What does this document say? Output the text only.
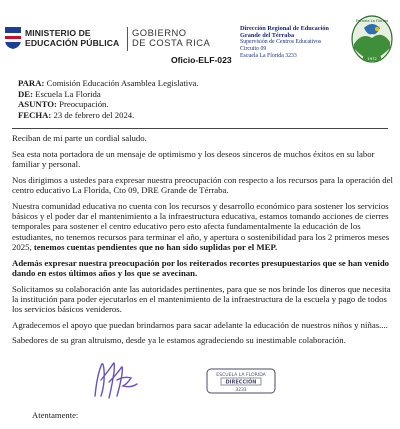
MINISTERIO DE
EDUCACIÓN PÚBLICA
GOBIERNO
DE COSTA RICA
Oficio-ELF-023
Dirección Regional de Educación
Grande del Térraba
Supervisión de Centros Educativos
Circuito 09
Escuela La Florida 3233
Escuela La Florida
1972
PARA: Comisión Educación Asamblea Legislativa.
DE: Escuela La Florida
ASUNTO: Preocupación.
FECHA: 23 de febrero del 2024.

Reciban de mi parte un cordial saludo.

Sea esta nota portadora de un mensaje de optimismo y los deseos sinceros de muchos éxitos en su labor familiar y personal.

Nos dirigimos a ustedes para expresar nuestra preocupación con respecto a los recursos para la operación del centro educativo La Florida, Cto 09, DRE Grande de Térraba.

Nuestra comunidad educativa no cuenta con los recursos y desarrollo económico para sostener los servicios básicos y el poder dar el mantenimiento a la infraestructura educativa, estamos tomando acciones de cierres temporales para sostener el centro educativo pero esto afecta fundamentalmente la educación de los estudiantes, no tenemos recursos para terminar el año, y apertura o sostenibilidad para los 2 primeros meses 2025, tenemos cuentas pendientes que no han sido suplidas por el MEP.

Además expresar nuestra preocupación por los reiterados recortes presupuestarios que se han venido dando en estos últimos años y los que se avecinan.

Solicitamos su colaboración ante las autoridades pertinentes, para que se nos brinde los dineros que necesita la institución para poder ejecutarlos en el mantenimiento de la infraestructura de la escuela y pago de todos los servicios básicos venideros.

Agradecemos el apoyo que puedan brindarnos para sacar adelante la educación de nuestros niños y niñas....

Sabedores de su gran altruismo, desde ya le estamos agradeciendo su inestimable colaboración.

ESCUELA LA FLORIDA
DIRECCIÓN
3233
Atentamente:
